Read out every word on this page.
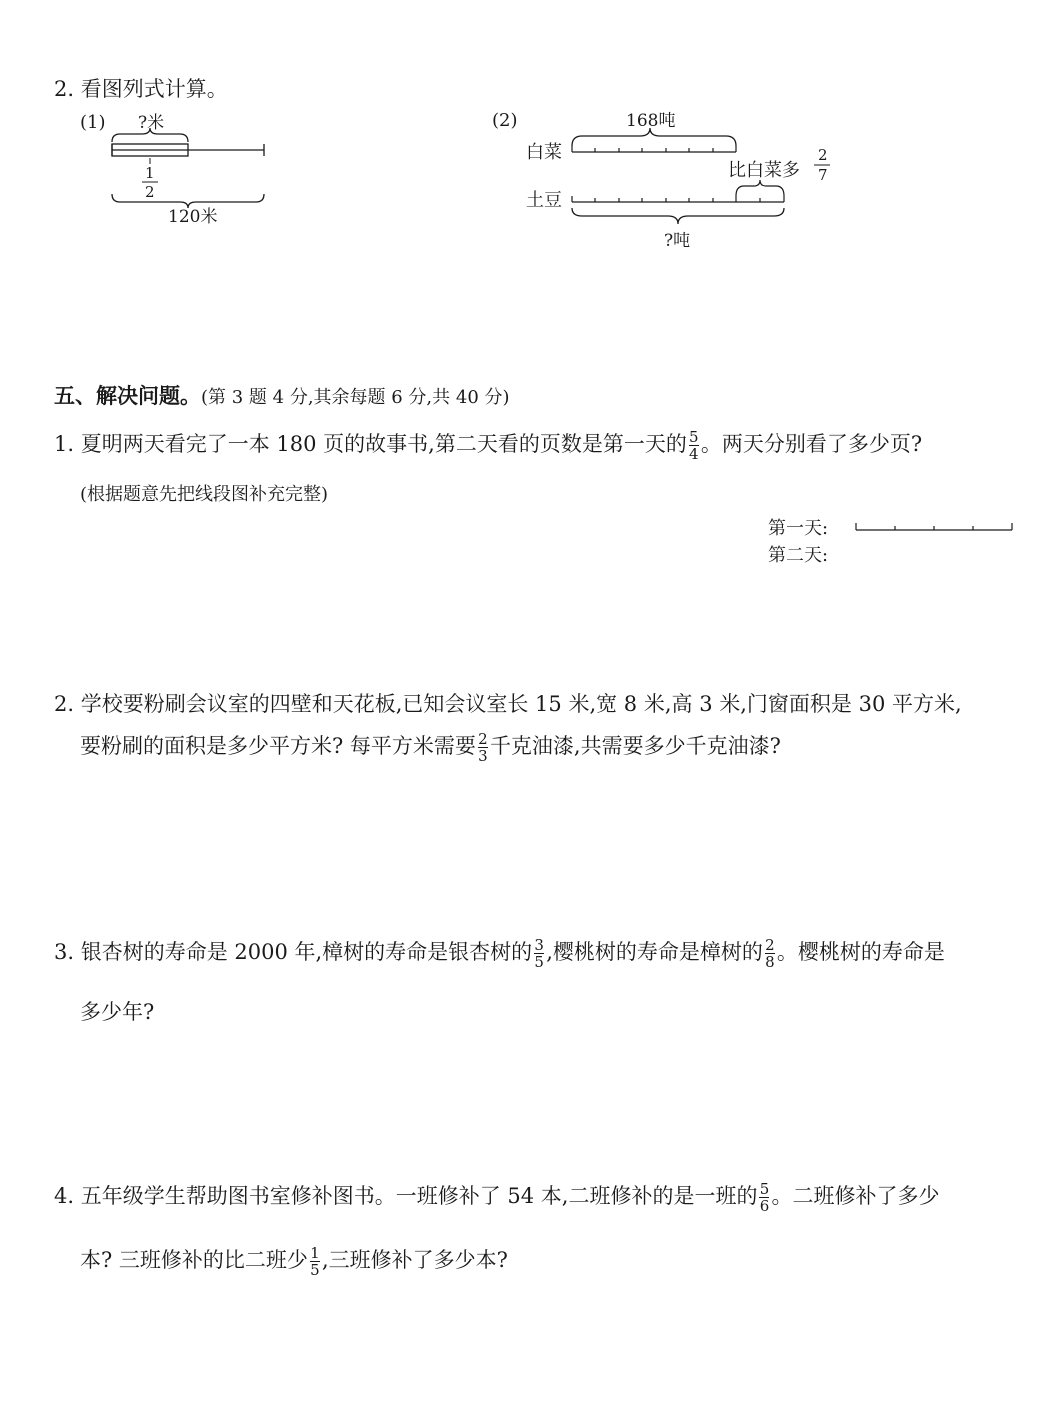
2. 看图列式计算。
(1) ?米
1
2
120米
(2)	168吨
白菜
比白菜多
2
7
土豆
?吨
五、解决问题。(第 3 题 4 分,其余每题 6 分,共 40 分)
1. 夏明两天看完了一本 180 页的故事书,第二天看的页数是第一天的 $\frac{5}{4}$ 。两天分别看了多少页?
(根据题意先把线段图补充完整)
第一天:
第二天:
2. 学校要粉刷会议室的四壁和天花板,已知会议室长 15 米,宽 8 米,高 3 米,门窗面积是 30 平方米,
要粉刷的面积是多少平方米? 每平方米需要 $\frac{2}{3}$ 千克油漆,共需要多少千克油漆?
3. 银杏树的寿命是 2000 年,樟树的寿命是银杏树的 $\frac{3}{5}$ ,樱桃树的寿命是樟树的 $\frac{2}{8}$ 。樱桃树的寿命是
多少年?
4. 五年级学生帮助图书室修补图书。一班修补了 54 本,二班修补的是一班的 $\frac{5}{6}$ 。二班修补了多少
本? 三班修补的比二班少 $\frac{1}{5}$ ,三班修补了多少本?
